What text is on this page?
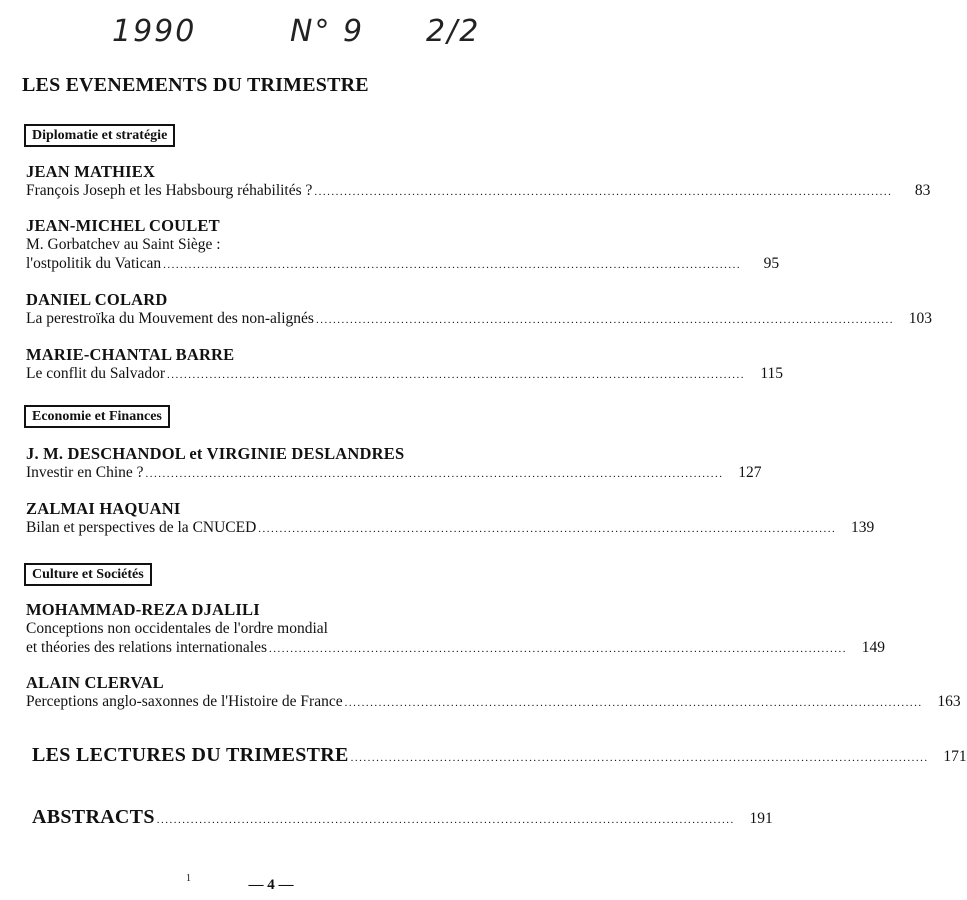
1990	N° 9 2/2
LES EVENEMENTS DU TRIMESTRE
Diplomatie et stratégie
JEAN MATHIEX
François Joseph et les Habsbourg réhabilités ? ........................................................................................................................................	83
JEAN-MICHEL COULET
M. Gorbatchev au Saint Siège :
l'ostpolitik du Vatican ........................................................................................................................................	95
DANIEL COLARD
La perestroïka du Mouvement des non-alignés ........................................................................................................................................ 103
MARIE-CHANTAL BARRE
Le conflit du Salvador ........................................................................................................................................ 115
Economie et Finances
J. M. DESCHANDOL et VIRGINIE DESLANDRES
Investir en Chine ? ........................................................................................................................................ 127
ZALMAI HAQUANI
Bilan et perspectives de la CNUCED ........................................................................................................................................ 139
Culture et Sociétés
MOHAMMAD-REZA DJALILI
Conceptions non occidentales de l'ordre mondial
et théories des relations internationales ........................................................................................................................................ 149
ALAIN CLERVAL
Perceptions anglo-saxonnes de l'Histoire de France ........................................................................................................................................ 163
LES LECTURES DU TRIMESTRE ........................................................................................................................................ 171
ABSTRACTS ........................................................................................................................................ 191
1	— 4 —
